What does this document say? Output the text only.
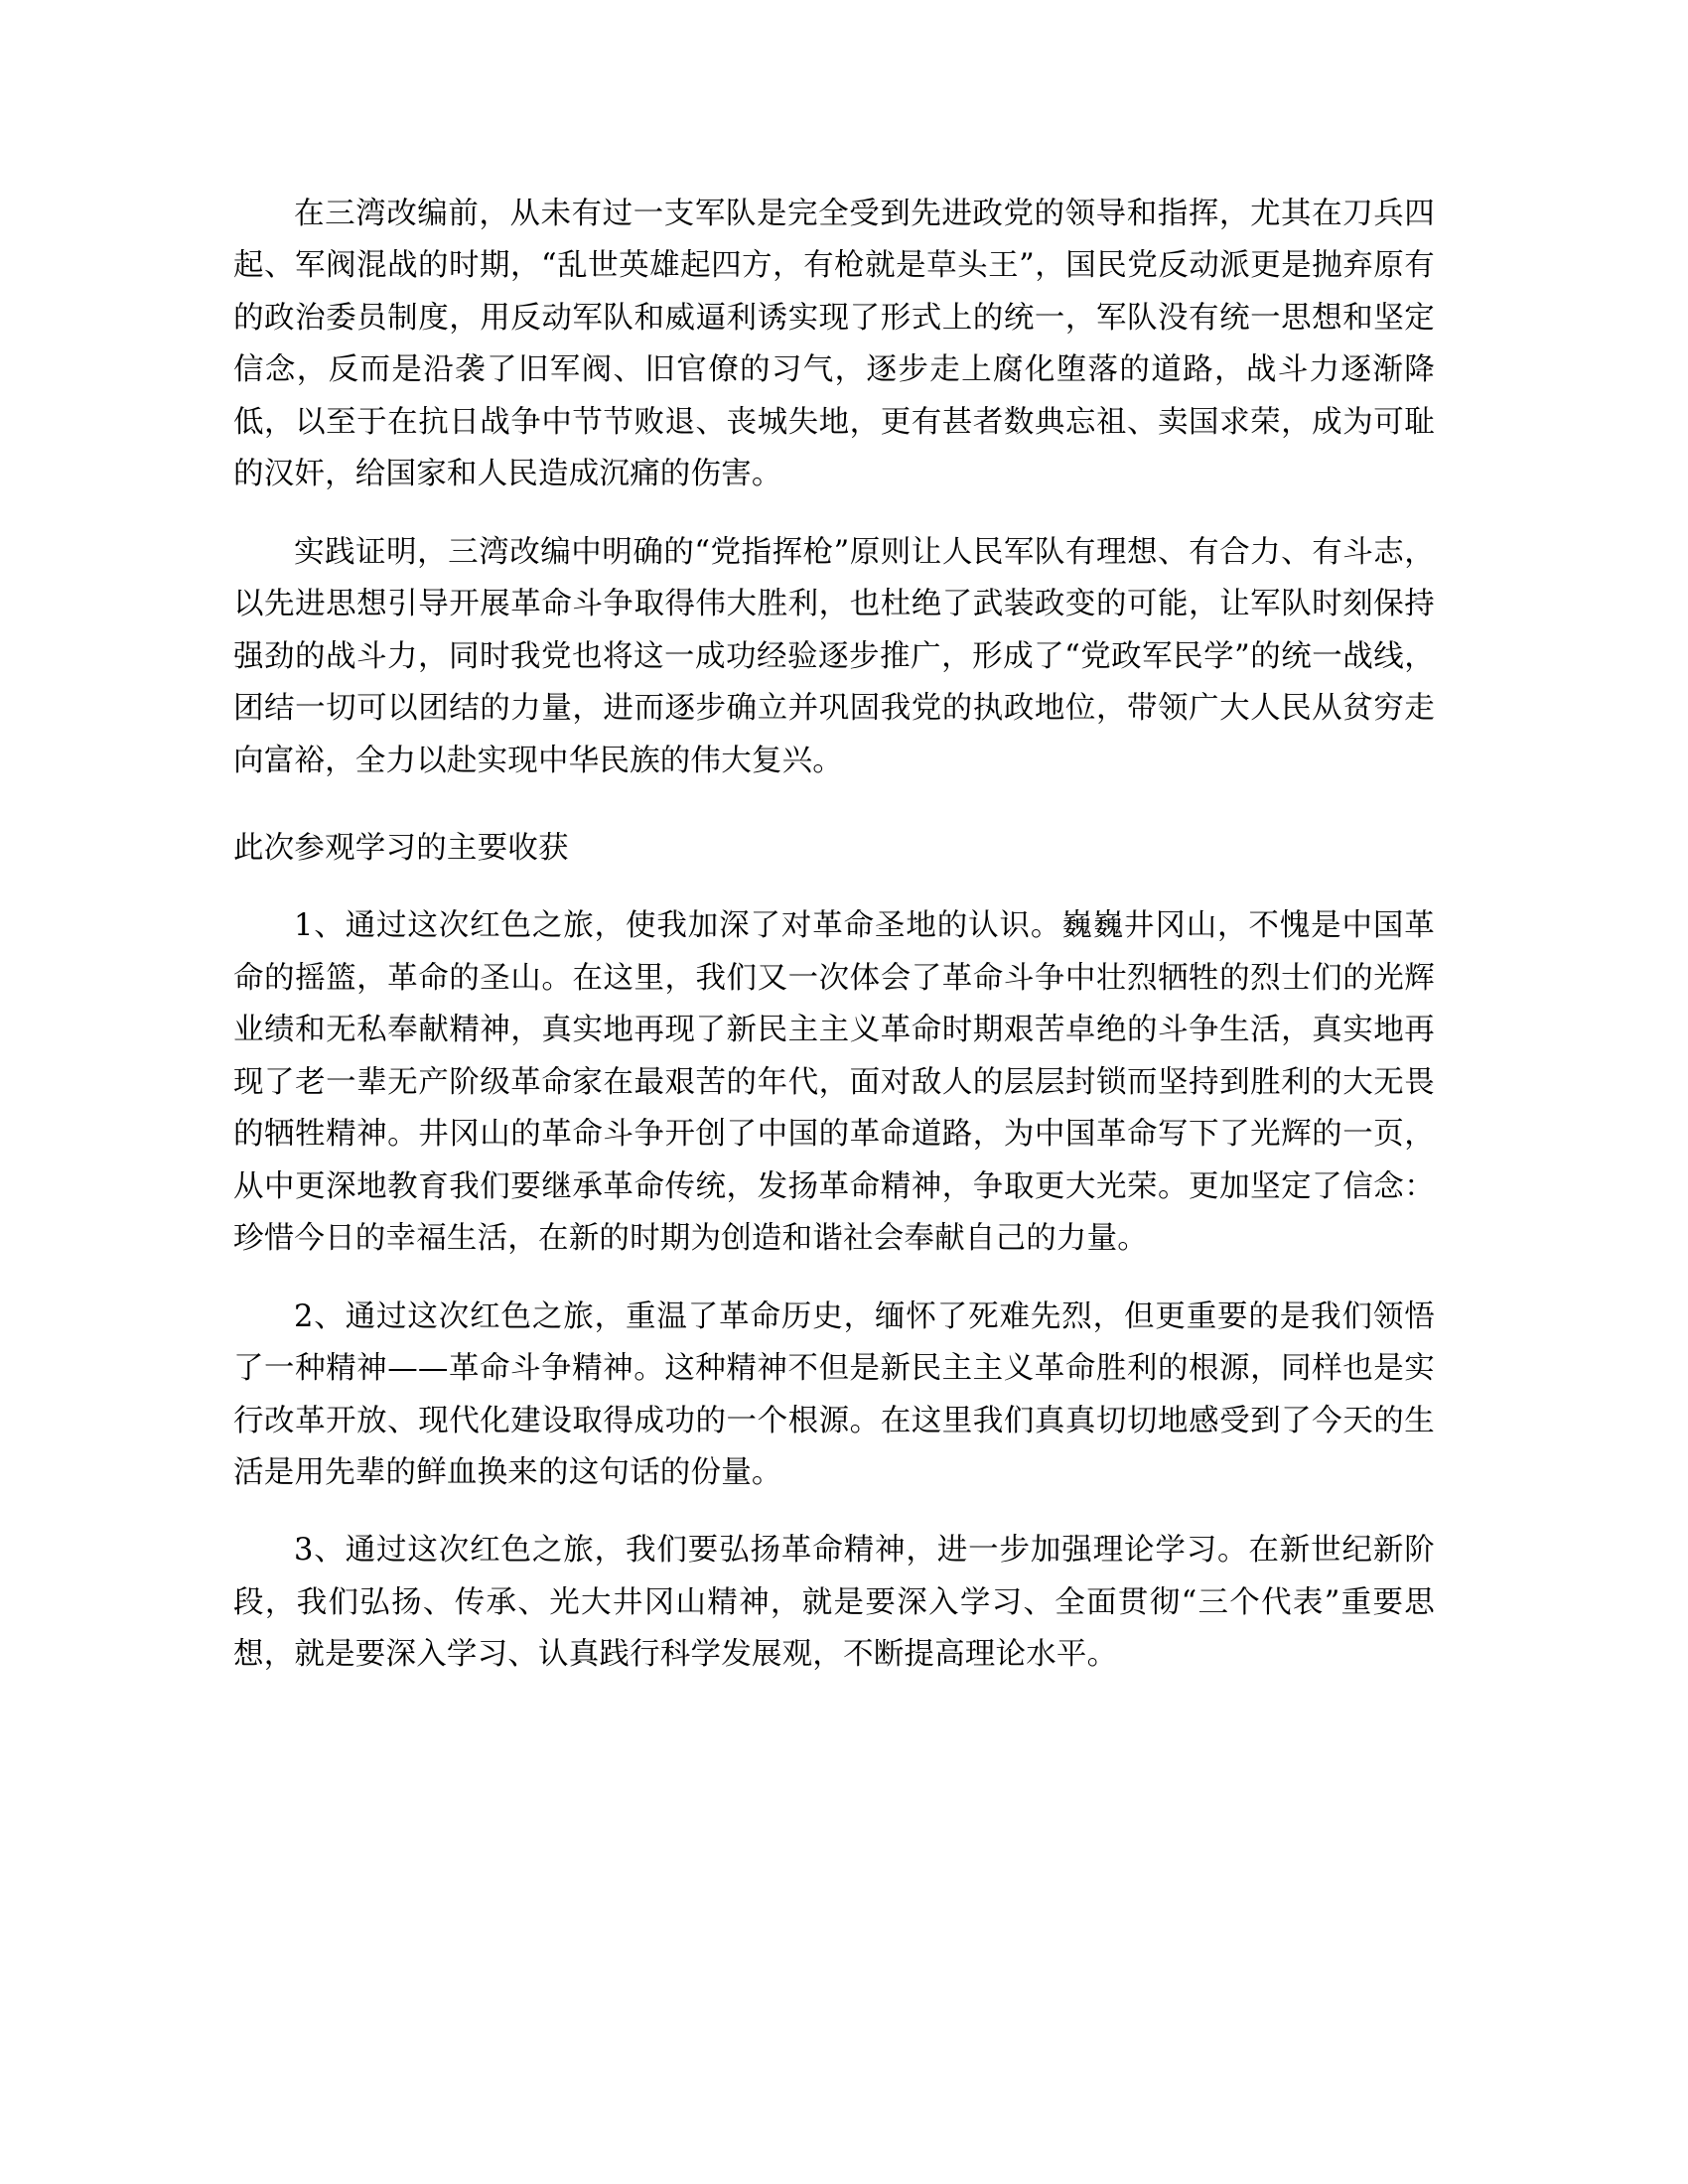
在三湾改编前，从未有过一支军队是完全受到先进政党的领导和指挥，尤其在刀兵四起、军阀混战的时期，“乱世英雄起四方，有枪就是草头王”，国民党反动派更是抛弃原有的政治委员制度，用反动军队和威逼利诱实现了形式上的统一，军队没有统一思想和坚定信念，反而是沿袭了旧军阀、旧官僚的习气，逐步走上腐化堕落的道路，战斗力逐渐降低，以至于在抗日战争中节节败退、丧城失地，更有甚者数典忘祖、卖国求荣，成为可耻的汉奸，给国家和人民造成沉痛的伤害。

实践证明，三湾改编中明确的“党指挥枪”原则让人民军队有理想、有合力、有斗志，以先进思想引导开展革命斗争取得伟大胜利，也杜绝了武装政变的可能，让军队时刻保持强劲的战斗力，同时我党也将这一成功经验逐步推广，形成了“党政军民学”的统一战线，团结一切可以团结的力量，进而逐步确立并巩固我党的执政地位，带领广大人民从贫穷走向富裕，全力以赴实现中华民族的伟大复兴。

此次参观学习的主要收获

1、通过这次红色之旅，使我加深了对革命圣地的认识。巍巍井冈山，不愧是中国革命的摇篮，革命的圣山。在这里，我们又一次体会了革命斗争中壮烈牺牲的烈士们的光辉业绩和无私奉献精神，真实地再现了新民主主义革命时期艰苦卓绝的斗争生活，真实地再现了老一辈无产阶级革命家在最艰苦的年代，面对敌人的层层封锁而坚持到胜利的大无畏的牺牲精神。井冈山的革命斗争开创了中国的革命道路，为中国革命写下了光辉的一页，从中更深地教育我们要继承革命传统，发扬革命精神，争取更大光荣。更加坚定了信念：珍惜今日的幸福生活，在新的时期为创造和谐社会奉献自己的力量。

2、通过这次红色之旅，重温了革命历史，缅怀了死难先烈，但更重要的是我们领悟了一种精神——革命斗争精神。这种精神不但是新民主主义革命胜利的根源，同样也是实行改革开放、现代化建设取得成功的一个根源。在这里我们真真切切地感受到了今天的生活是用先辈的鲜血换来的这句话的份量。

3、通过这次红色之旅，我们要弘扬革命精神，进一步加强理论学习。在新世纪新阶段，我们弘扬、传承、光大井冈山精神，就是要深入学习、全面贯彻“三个代表”重要思想，就是要深入学习、认真践行科学发展观，不断提高理论水平。
